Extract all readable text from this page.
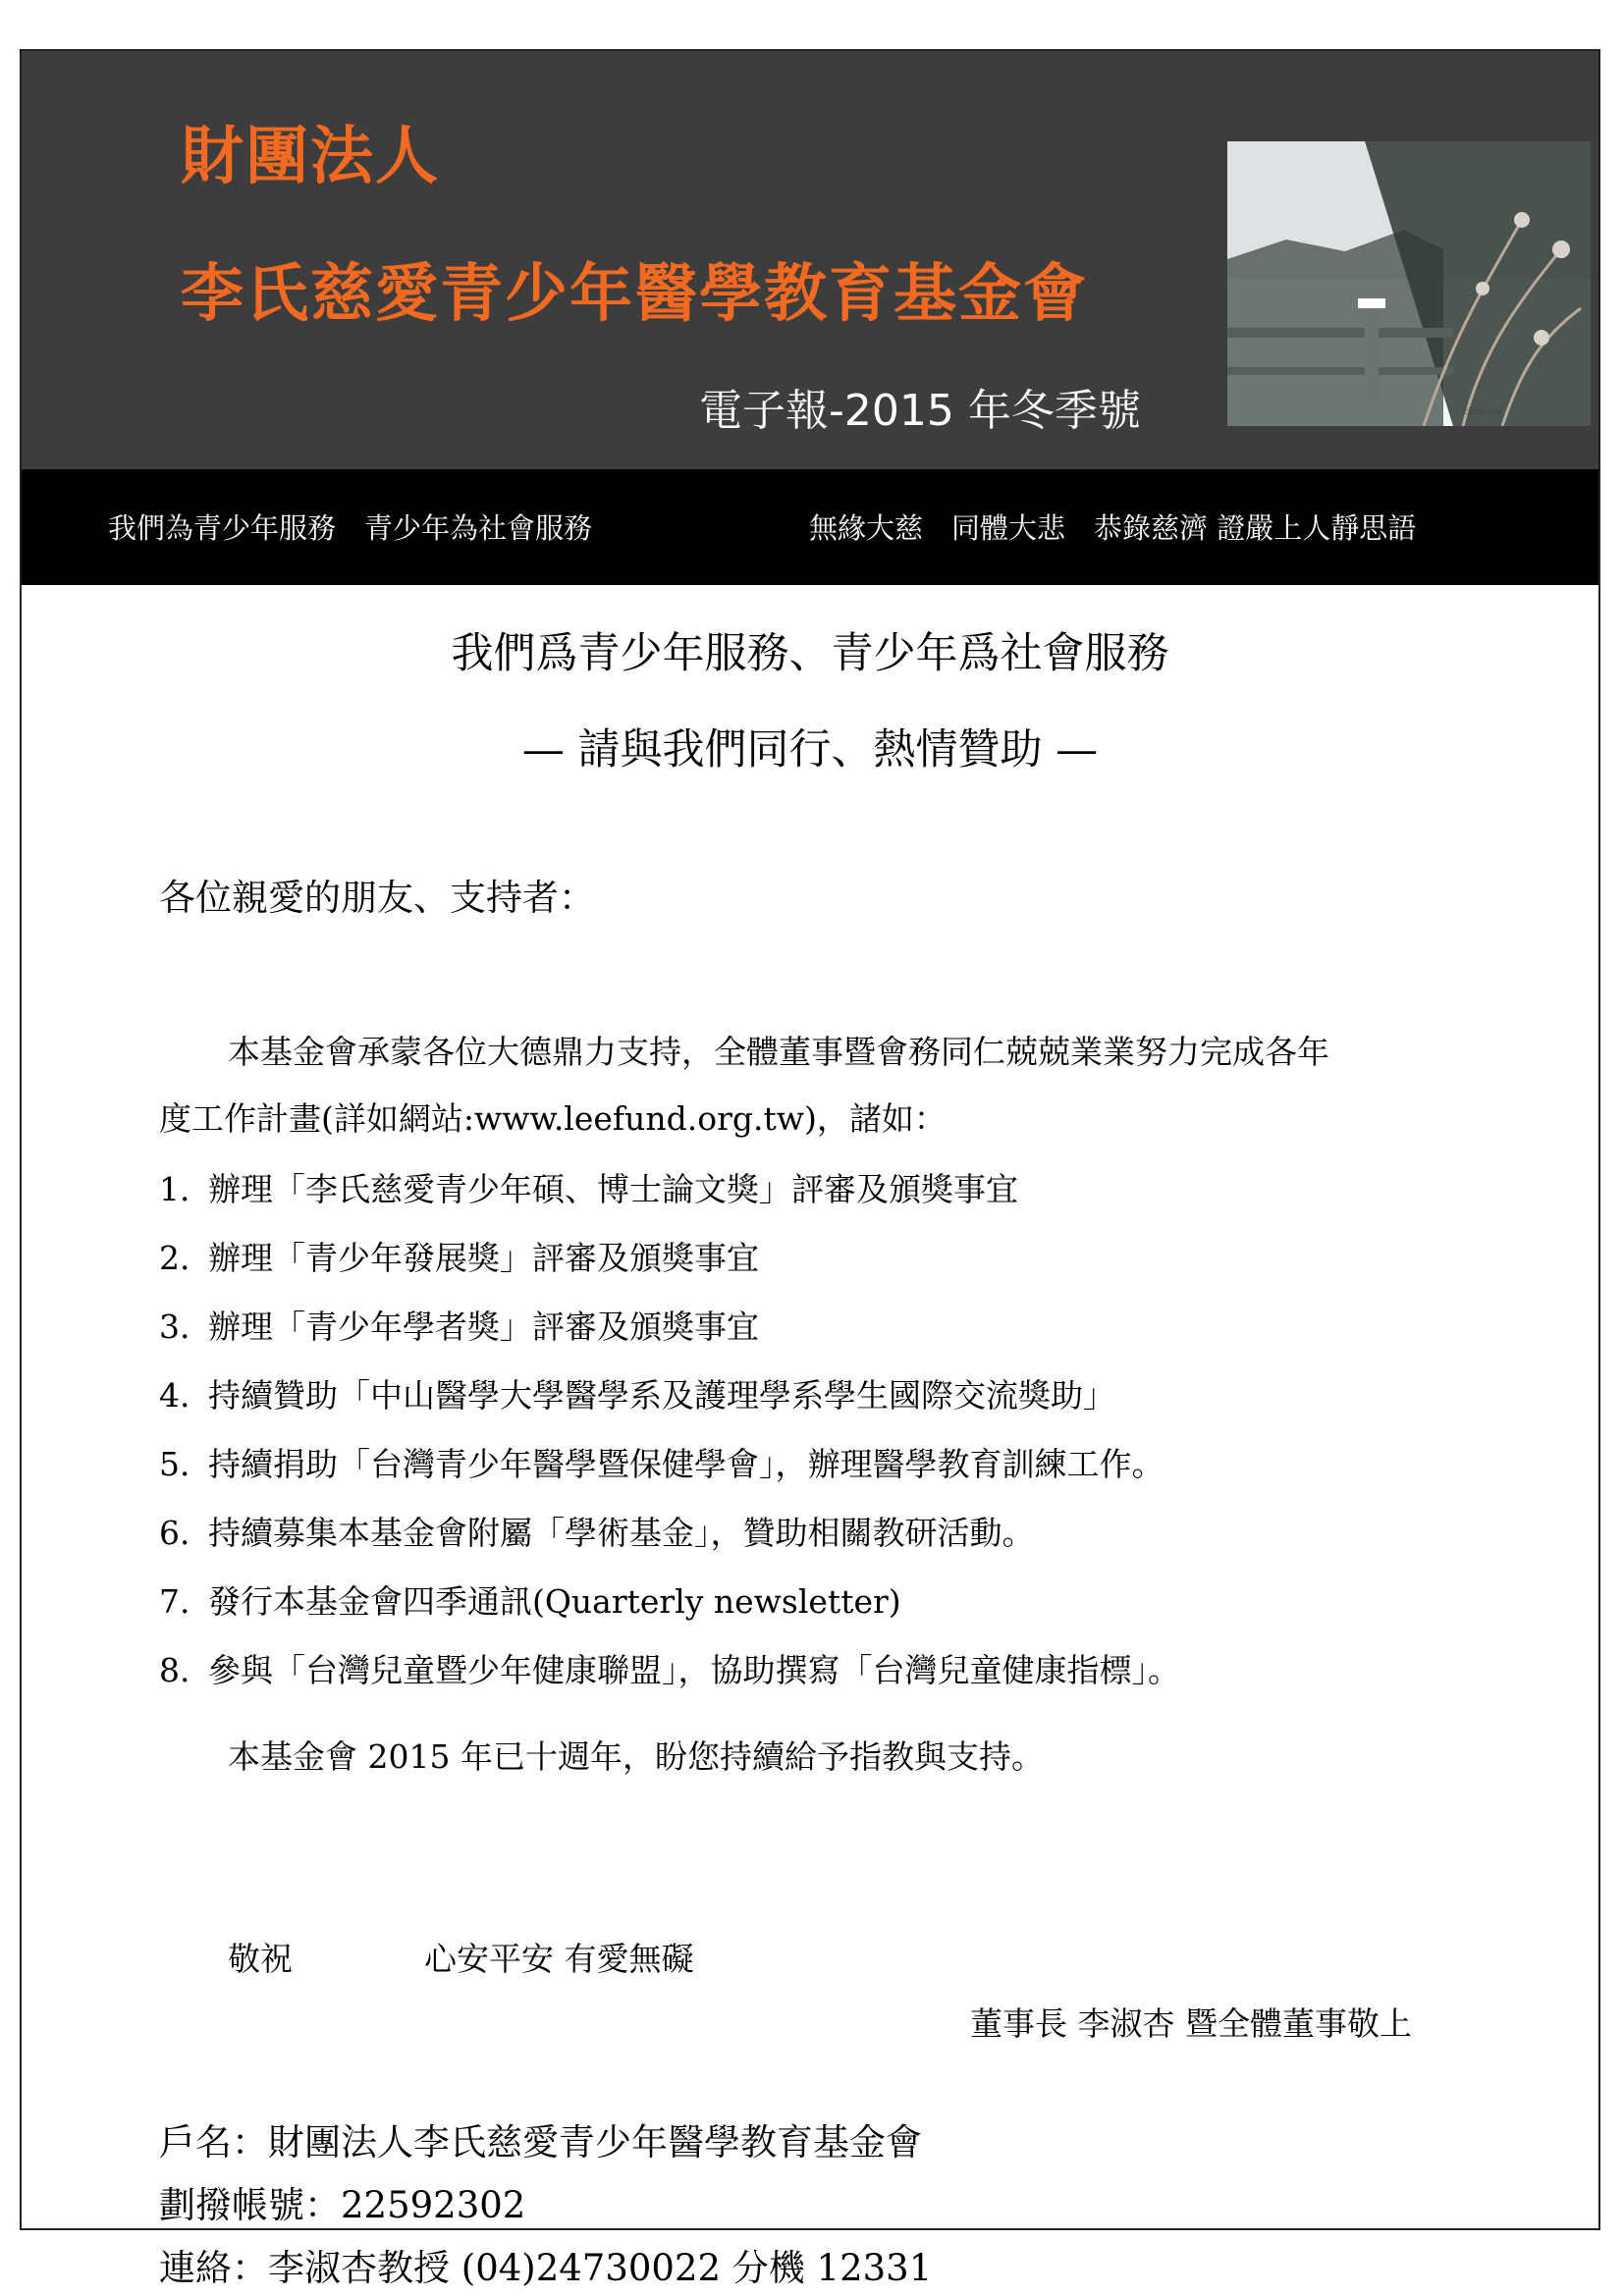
財團法人
李氏慈愛青少年醫學教育基金會
電子報-2015 年冬季號	chris-life
我們為青少年服務　青少年為社會服務	無緣大慈　同體大悲　恭錄慈濟 證嚴上人靜思語
我們爲青少年服務、青少年爲社會服務
— 請與我們同行、熱情贊助 —
各位親愛的朋友、支持者：
本基金會承蒙各位大德鼎力支持，全體董事暨會務同仁兢兢業業努力完成各年
度工作計畫(詳如網站:www.leefund.org.tw)，諸如：
1. 辦理「李氏慈愛青少年碩、博士論文獎」評審及頒獎事宜
2. 辦理「青少年發展獎」評審及頒獎事宜
3. 辦理「青少年學者獎」評審及頒獎事宜
4. 持續贊助「中山醫學大學醫學系及護理學系學生國際交流獎助」
5. 持續捐助「台灣青少年醫學暨保健學會」，辦理醫學教育訓練工作。
6. 持續募集本基金會附屬「學術基金」，贊助相關教研活動。
7. 發行本基金會四季通訊(Quarterly newsletter)
8. 參與「台灣兒童暨少年健康聯盟」，協助撰寫「台灣兒童健康指標」。
本基金會 2015 年已十週年，盼您持續給予指教與支持。
敬祝	心安平安 有愛無礙
董事長 李淑杏 暨全體董事敬上
戶名：財團法人李氏慈愛青少年醫學教育基金會
劃撥帳號：22592302
連絡：李淑杏教授 (04)24730022 分機 12331
